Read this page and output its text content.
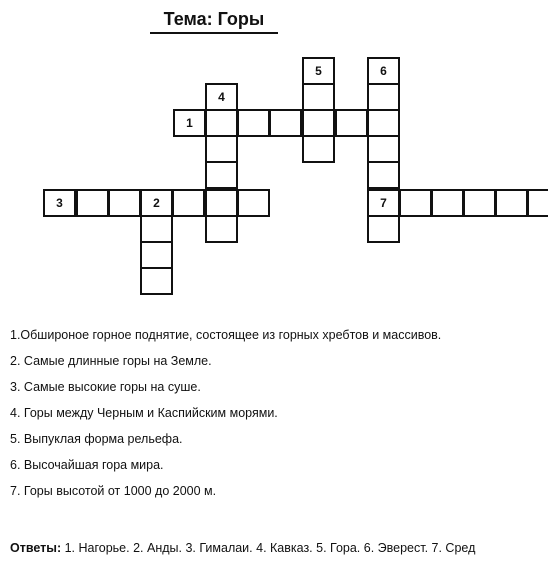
Тема: Горы
1
3	2
4
5	6
7
1.Обшироное горное поднятие, состоящее из горных хребтов и массивов.
2. Самые длинные горы на Земле.
3. Самые высокие горы на суше.
4. Горы между Черным и Каспийским морями.
5. Выпуклая форма рельефа.
6. Высочайшая гора мира.
7. Горы высотой от 1000 до 2000 м.
Ответы: 1. Нагорье. 2. Анды. 3. Гималаи. 4. Кавказ. 5. Гора. 6. Эверест. 7. Сред
